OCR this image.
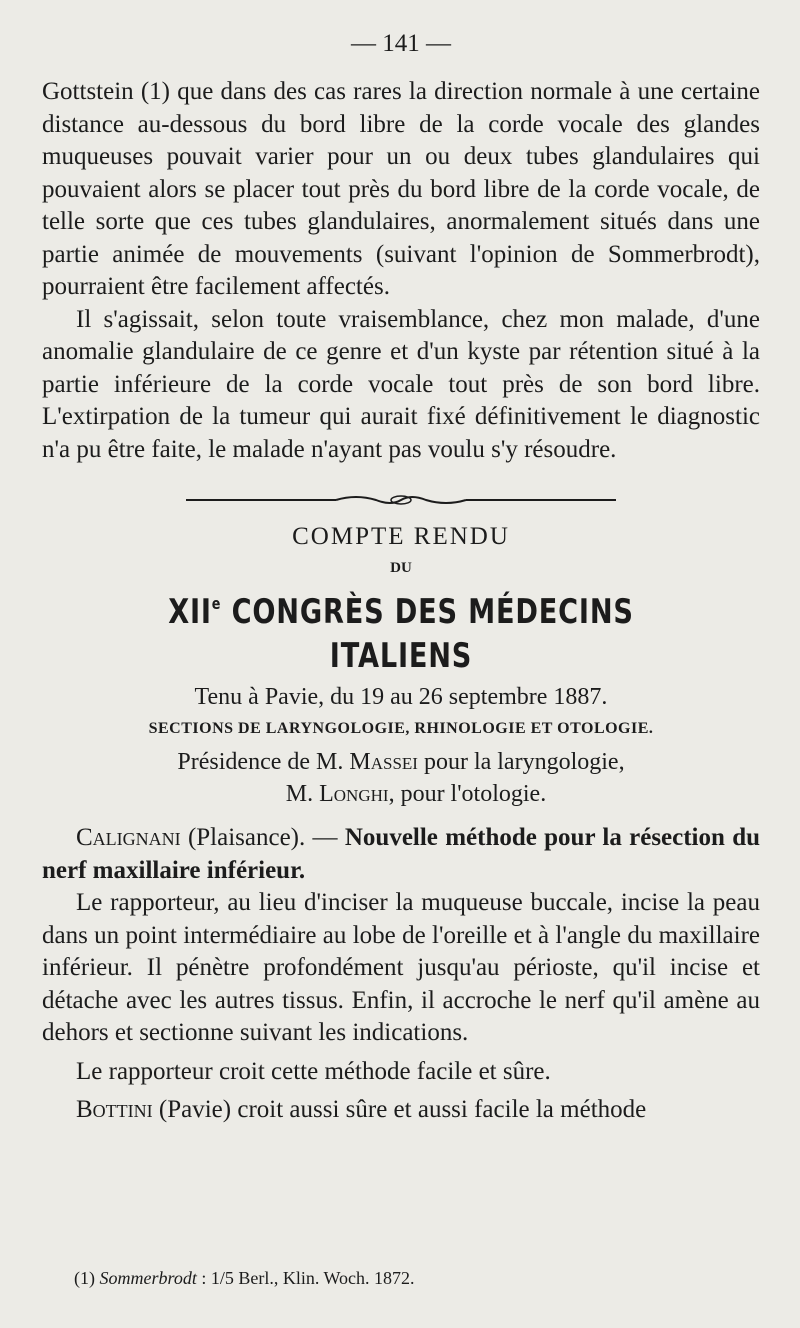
— 141 —

Gottstein (1) que dans des cas rares la direction normale à une certaine distance au-dessous du bord libre de la corde vocale des glandes muqueuses pouvait varier pour un ou deux tubes glandulaires qui pouvaient alors se placer tout près du bord libre de la corde vocale, de telle sorte que ces tubes glandulaires, anormalement situés dans une partie animée de mouvements (suivant l'opinion de Sommerbrodt), pourraient être facilement affectés.

Il s'agissait, selon toute vraisemblance, chez mon malade, d'une anomalie glandulaire de ce genre et d'un kyste par rétention situé à la partie inférieure de la corde vocale tout près de son bord libre. L'extirpation de la tumeur qui aurait fixé définitivement le diagnostic n'a pu être faite, le malade n'ayant pas voulu s'y résoudre.

COMPTE RENDU

DU

XIIe CONGRÈS DES MÉDECINS ITALIENS

Tenu à Pavie, du 19 au 26 septembre 1887.

SECTIONS DE LARYNGOLOGIE, RHINOLOGIE ET OTOLOGIE.

Présidence de M. Massei pour la laryngologie,

M. Longhi, pour l'otologie.

Calignani (Plaisance). — Nouvelle méthode pour la résection du nerf maxillaire inférieur.

Le rapporteur, au lieu d'inciser la muqueuse buccale, incise la peau dans un point intermédiaire au lobe de l'oreille et à l'angle du maxillaire inférieur. Il pénètre profondément jusqu'au périoste, qu'il incise et détache avec les autres tissus. Enfin, il accroche le nerf qu'il amène au dehors et sectionne suivant les indications.

Le rapporteur croit cette méthode facile et sûre.

Bottini (Pavie) croit aussi sûre et aussi facile la méthode

(1) Sommerbrodt : 1/5 Berl., Klin. Woch. 1872.
